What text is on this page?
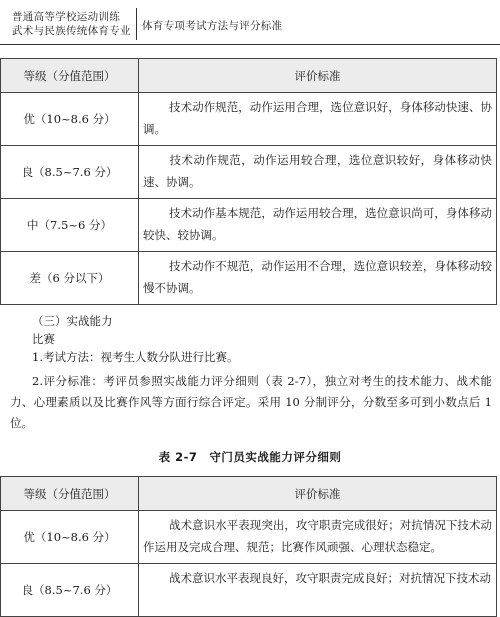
普通高等学校运动训练
武术与民族传统体育专业 体育专项考试方法与评分标准
等级（分值范围）	评价标准
优（10~8.6 分）	技术动作规范，动作运用合理，选位意识好，身体移动快速、协调。
良（8.5~7.6 分）	技术动作规范，动作运用较合理，选位意识较好，身体移动快速、协调。
中（7.5~6 分）	技术动作基本规范，动作运用较合理，选位意识尚可，身体移动较快、较协调。
差（6 分以下）	技术动作不规范，动作运用不合理，选位意识较差，身体移动较慢不协调。
（三）实战能力
比赛
1.考试方法：视考生人数分队进行比赛。
2.评分标准：考评员参照实战能力评分细则（表 2-7），独立对考生的技术能力、战术能力、心理素质以及比赛作风等方面行综合评定。采用 10 分制评分，分数至多可到小数点后 1 位。
表 2-7　守门员实战能力评分细则
等级（分值范围）	评价标准
优（10~8.6 分）	战术意识水平表现突出，攻守职责完成很好；对抗情况下技术动作运用及完成合理、规范；比赛作风顽强、心理状态稳定。
良（8.5~7.6 分）	战术意识水平表现良好，攻守职责完成良好；对抗情况下技术动
